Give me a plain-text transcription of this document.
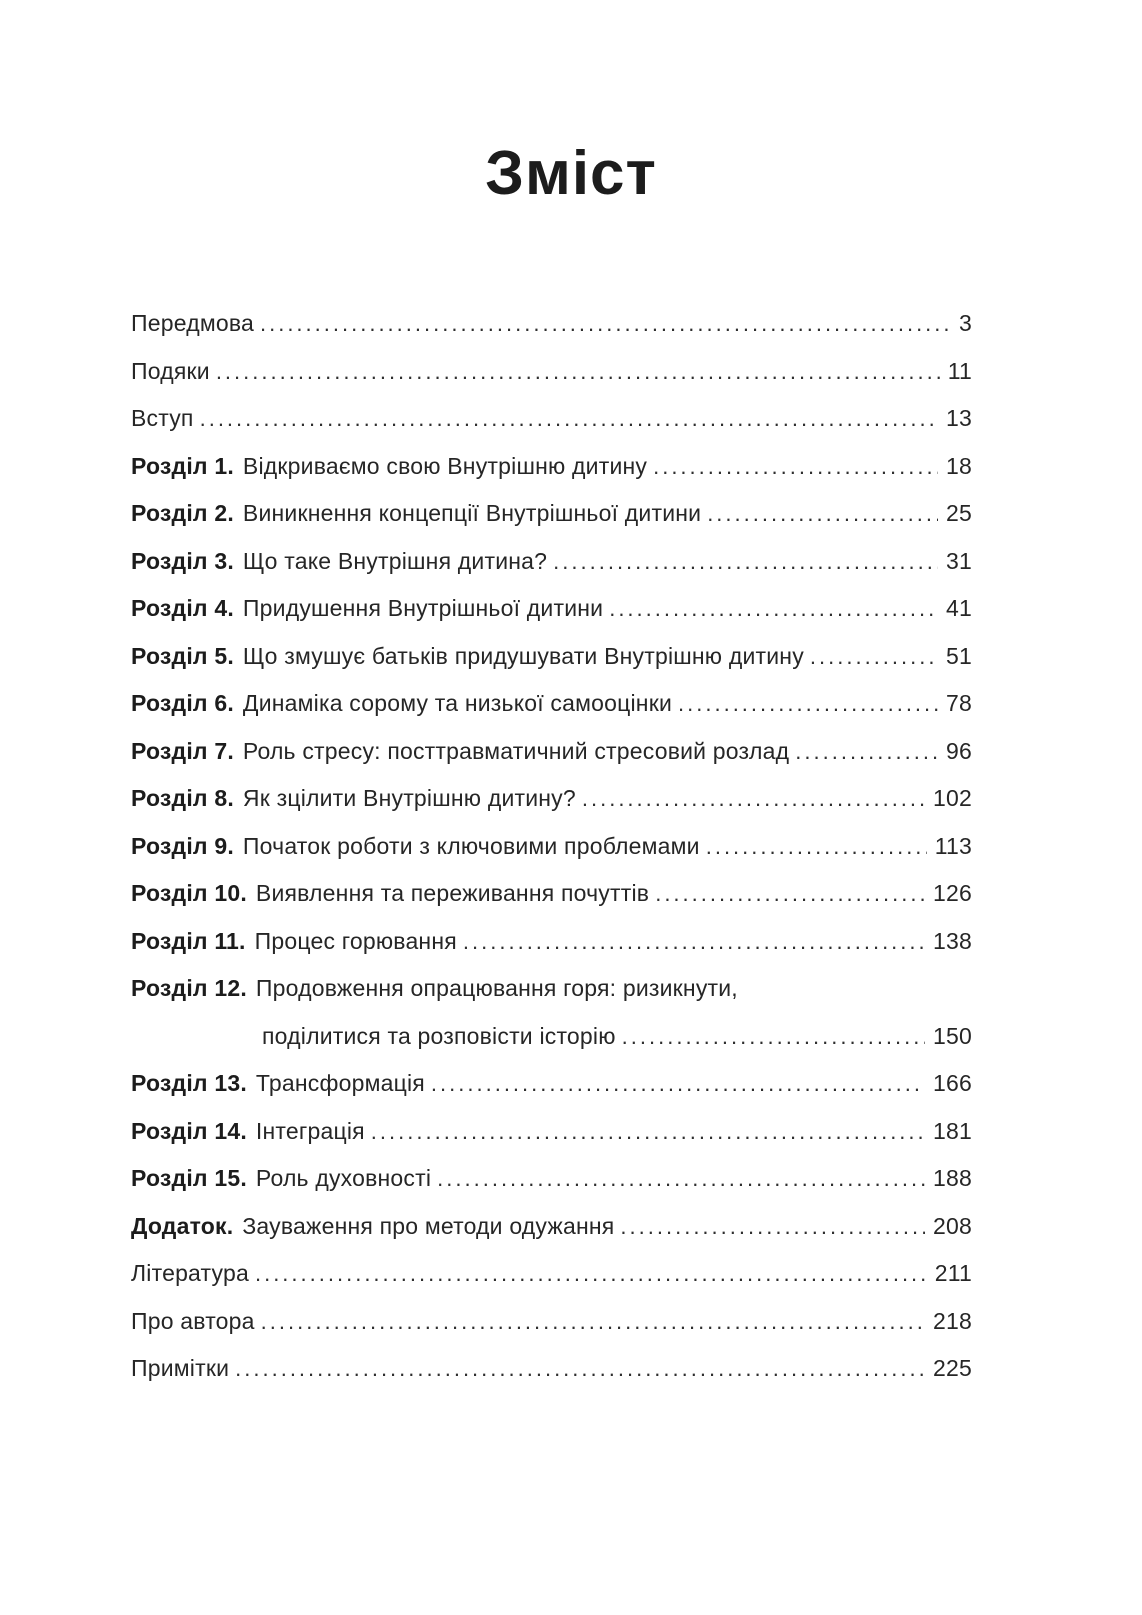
Зміст
Передмова .....	3
Подяки .....	11
Вступ .....	13
Розділ 1. Відкриваємо свою Внутрішню дитину .....	18
Розділ 2. Виникнення концепції Внутрішньої дитини .....	25
Розділ 3. Що таке Внутрішня дитина? .....	31
Розділ 4. Придушення Внутрішньої дитини .....	41
Розділ 5. Що змушує батьків придушувати Внутрішню дитину .....	51
Розділ 6. Динаміка сорому та низької самооцінки .....	78
Розділ 7. Роль стресу: посттравматичний стресовий розлад .....	96
Розділ 8. Як зцілити Внутрішню дитину? .....	102
Розділ 9. Початок роботи з ключовими проблемами .....	113
Розділ 10. Виявлення та переживання почуттів .....	126
Розділ 11. Процес горювання .....	138
Розділ 12. Продовження опрацювання горя: ризикнути,
поділитися та розповісти історію .....	150
Розділ 13. Трансформація .....	166
Розділ 14. Інтеграція .....	181
Розділ 15. Роль духовності .....	188
Додаток. Зауваження про методи одужання .....	208
Література .....	211
Про автора .....	218
Примітки .....	225
